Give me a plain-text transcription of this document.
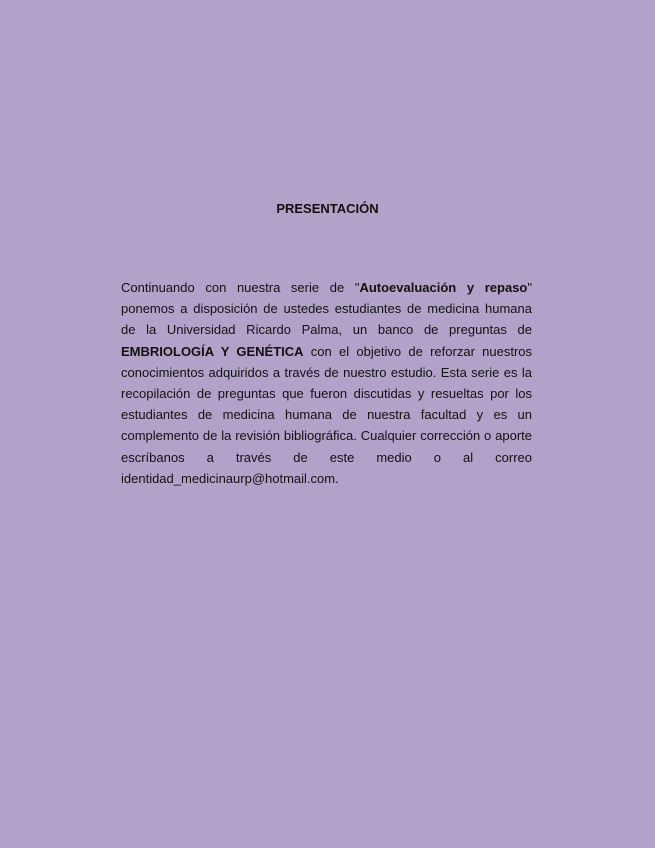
PRESENTACIÓN

Continuando con nuestra serie de "Autoevaluación y repaso" ponemos a disposición de ustedes estudiantes de medicina humana de la Universidad Ricardo Palma, un banco de preguntas de EMBRIOLOGÍA Y GENÉTICA con el objetivo de reforzar nuestros conocimientos adquiridos a través de nuestro estudio. Esta serie es la recopilación de preguntas que fueron discutidas y resueltas por los estudiantes de medicina humana de nuestra facultad y es un complemento de la revisión bibliográfica. Cualquier corrección o aporte escríbanos a través de este medio o al correo identidad_medicinaurp@hotmail.com.
